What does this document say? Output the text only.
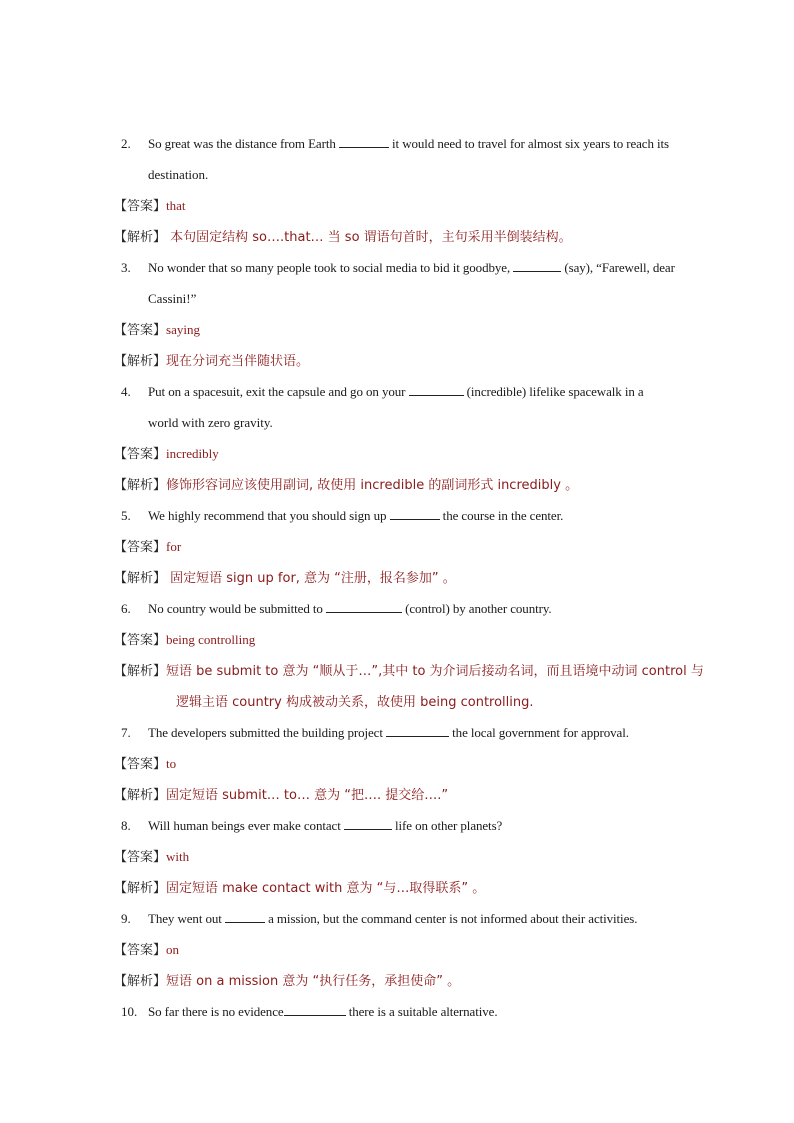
2. So great was the distance from Earth	it would need to travel for almost six years to reach its
destination.
【答案】that
【解析】 本句固定结构 so….that… 当 so 谓语句首时，主句采用半倒装结构。
3. No wonder that so many people took to social media to bid it goodbye,	(say), “Farewell, dear
Cassini!”
【答案】saying
【解析】现在分词充当伴随状语。
4. Put on a spacesuit, exit the capsule and go on your	(incredible) lifelike spacewalk in a
world with zero gravity.
【答案】incredibly
【解析】修饰形容词应该使用副词, 故使用 incredible 的副词形式 incredibly 。
5. We highly recommend that you should sign up	the course in the center.
【答案】for
【解析】 固定短语 sign up for, 意为 “注册，报名参加” 。
6. No country would be submitted to	(control) by another country.
【答案】being controlling
【解析】短语 be submit to 意为 “顺从于…”,其中 to 为介词后接动名词，而且语境中动词 control 与
逻辑主语 country 构成被动关系，故使用 being controlling.
7. The developers submitted the building project	the local government for approval.
【答案】to
【解析】固定短语 submit… to… 意为 “把…. 提交给….”
8. Will human beings ever make contact	life on other planets?
【答案】with
【解析】固定短语 make contact with 意为 “与…取得联系” 。
9. They went out	a mission, but the command center is not informed about their activities.
【答案】on
【解析】短语 on a mission 意为 “执行任务，承担使命” 。
10. So far there is no evidence	there is a suitable alternative.
